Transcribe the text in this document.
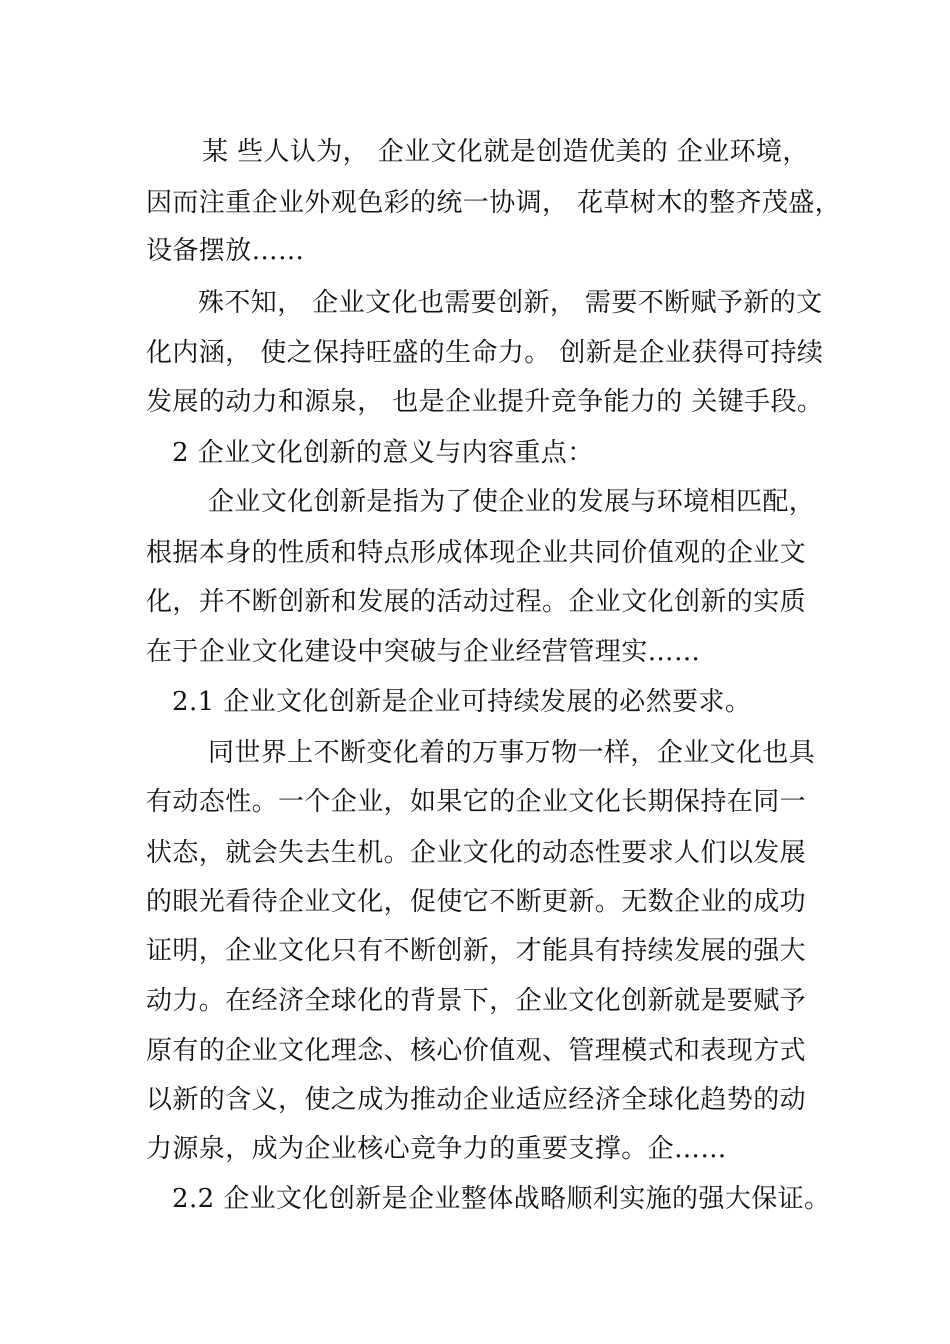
某 些人认为， 企业文化就是创造优美的 企业环境，
因而注重企业外观色彩的统一协调， 花草树木的整齐茂盛，
设备摆放……
殊不知， 企业文化也需要创新， 需要不断赋予新的文
化内涵， 使之保持旺盛的生命力。 创新是企业获得可持续
发展的动力和源泉， 也是企业提升竞争能力的 关键手段。
2 企业文化创新的意义与内容重点：
企业文化创新是指为了使企业的发展与环境相匹配，
根据本身的性质和特点形成体现企业共同价值观的企业文
化，并不断创新和发展的活动过程。企业文化创新的实质
在于企业文化建设中突破与企业经营管理实……
2.1 企业文化创新是企业可持续发展的必然要求。
同世界上不断变化着的万事万物一样，企业文化也具
有动态性。一个企业，如果它的企业文化长期保持在同一
状态，就会失去生机。企业文化的动态性要求人们以发展
的眼光看待企业文化，促使它不断更新。无数企业的成功
证明，企业文化只有不断创新，才能具有持续发展的强大
动力。在经济全球化的背景下，企业文化创新就是要赋予
原有的企业文化理念、核心价值观、管理模式和表现方式
以新的含义，使之成为推动企业适应经济全球化趋势的动
力源泉，成为企业核心竞争力的重要支撑。企……
2.2 企业文化创新是企业整体战略顺利实施的强大保证。
